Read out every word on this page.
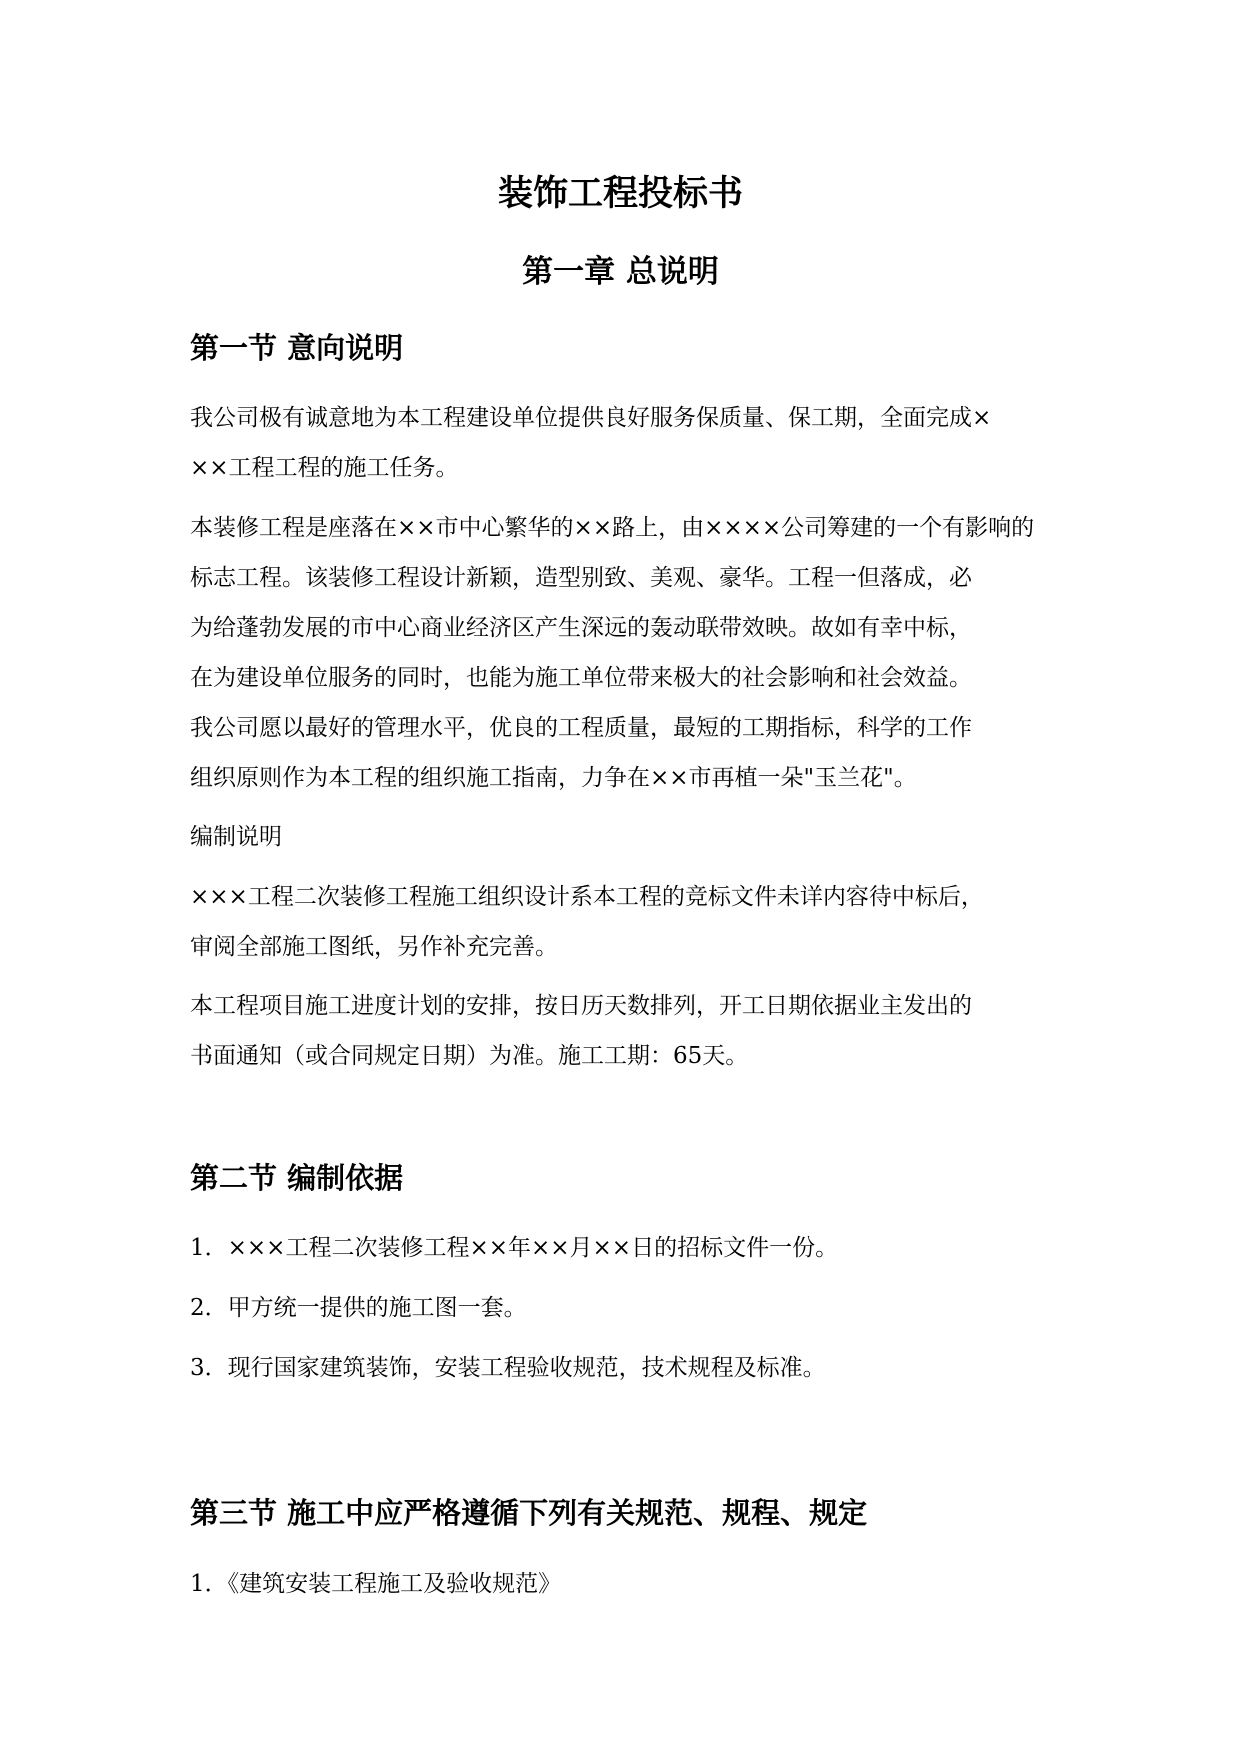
装饰工程投标书
第一章 总说明
第一节 意向说明

我公司极有诚意地为本工程建设单位提供良好服务保质量、保工期，全面完成×
××工程工程的施工任务。

本装修工程是座落在××市中心繁华的××路上，由××××公司筹建的一个有影响的
标志工程。该装修工程设计新颖，造型别致、美观、豪华。工程一但落成，必
为给蓬勃发展的市中心商业经济区产生深远的轰动联带效映。故如有幸中标，
在为建设单位服务的同时，也能为施工单位带来极大的社会影响和社会效益。
我公司愿以最好的管理水平，优良的工程质量，最短的工期指标，科学的工作
组织原则作为本工程的组织施工指南，力争在××市再植一朵"玉兰花"。

编制说明

×××工程二次装修工程施工组织设计系本工程的竞标文件未详内容待中标后，
审阅全部施工图纸，另作补充完善。

本工程项目施工进度计划的安排，按日历天数排列，开工日期依据业主发出的
书面通知（或合同规定日期）为准。施工工期：65天。

第二节 编制依据

1．×××工程二次装修工程××年××月××日的招标文件一份。

2．甲方统一提供的施工图一套。

3．现行国家建筑装饰，安装工程验收规范，技术规程及标准。

第三节 施工中应严格遵循下列有关规范、规程、规定

1．《建筑安装工程施工及验收规范》
